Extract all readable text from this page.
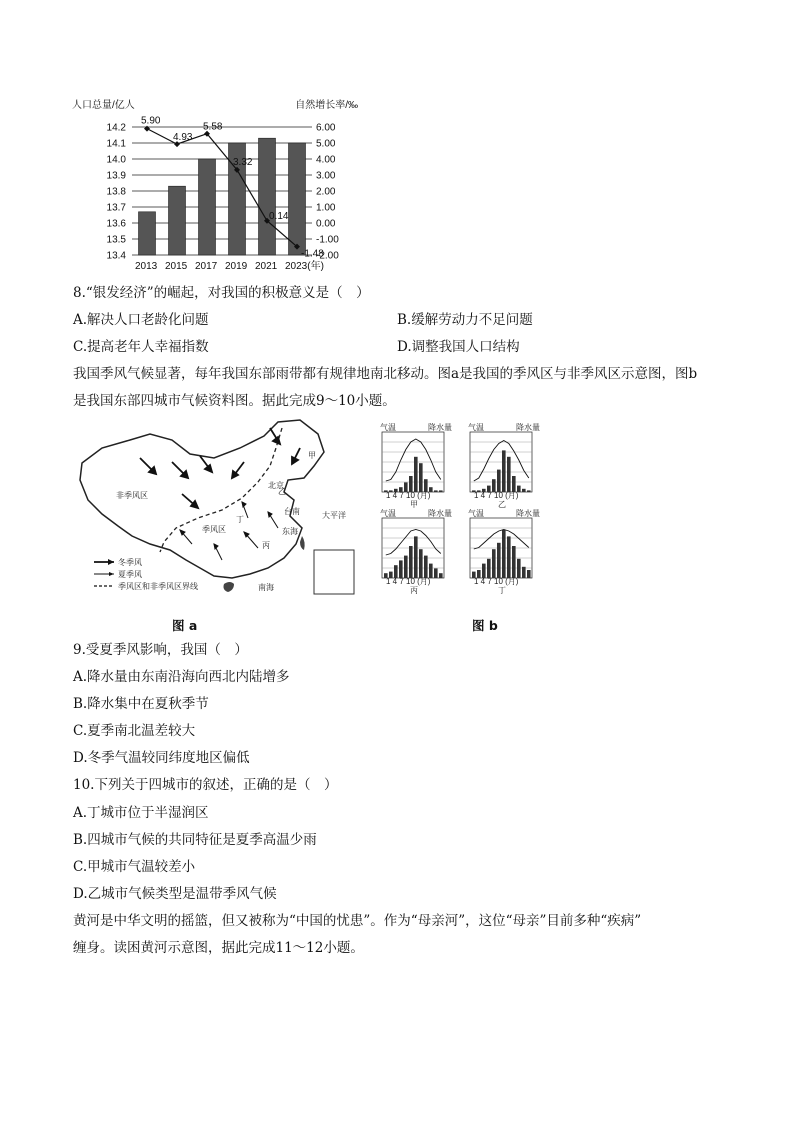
人口总量/亿人	自然增长率/‰
14.2
14.1
14.0
13.9
13.8
13.7
13.6
13.5
13.4
6.00
5.00
4.00
3.00
2.00
1.00
0.00
-1.00
-2.00
5.90
4.93
5.58
3.32
0.14
-1.48
2013 2015 2017 2019 2021 2023(年)
8.“银发经济”的崛起，对我国的积极意义是（　）
A.解决人口老龄化问题	B.缓解劳动力不足问题
C.提高老年人幸福指数	D.调整我国人口结构
我国季风气候显著，每年我国东部雨带都有规律地南北移动。图a是我国的季风区与非季风区示意图，图b
是我国东部四城市气候资料图。据此完成9～10小题。
非季风区
季风区
甲
乙
丙
丁
北京
台南
东海
南海
大平洋
冬季风
夏季风
季风区和非季风区界线
图 a
气温	降水量
1 4 7 10 (月)
甲
气温	降水量
1 4 7 10 (月)
乙
气温	降水量
1 4 7 10 (月)
丙
气温	降水量
1 4 7 10 (月)
丁
图 b
9.受夏季风影响，我国（　）
A.降水量由东南沿海向西北内陆增多
B.降水集中在夏秋季节
C.夏季南北温差较大
D.冬季气温较同纬度地区偏低
10.下列关于四城市的叙述，正确的是（　）
A.丁城市位于半湿润区
B.四城市气候的共同特征是夏季高温少雨
C.甲城市气温较差小
D.乙城市气候类型是温带季风气候
黄河是中华文明的摇篮，但又被称为“中国的忧患”。作为“母亲河”，这位“母亲”目前多种“疾病”
缠身。读困黄河示意图，据此完成11～12小题。
